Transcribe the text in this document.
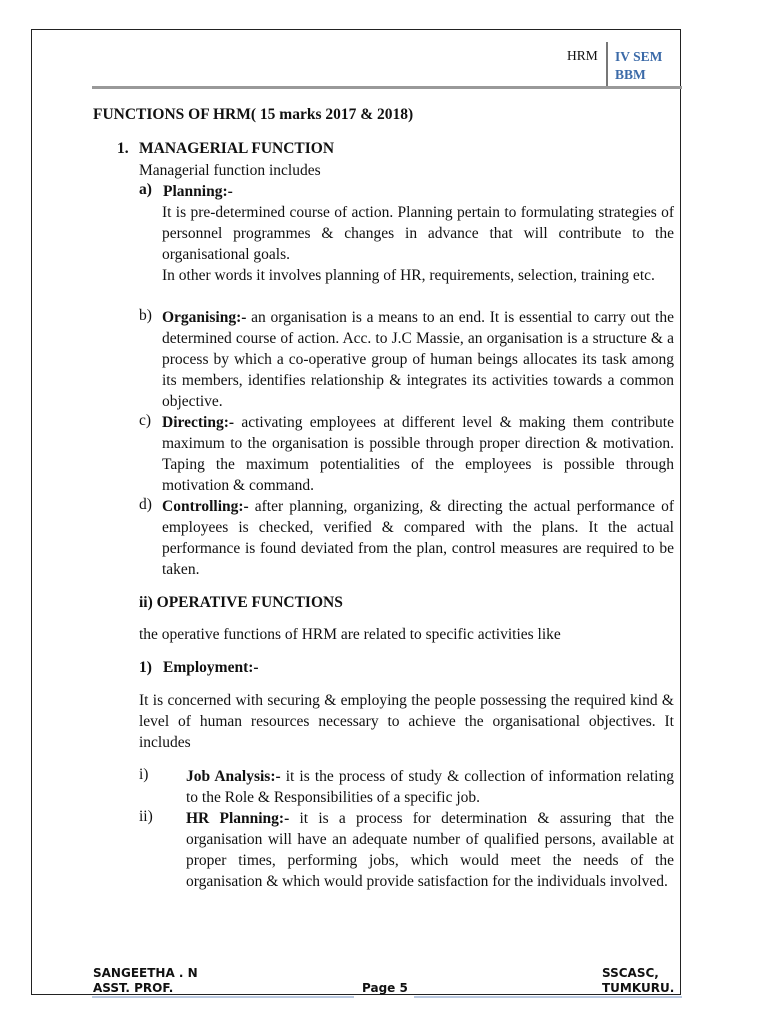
HRM IV SEM
BBM
FUNCTIONS OF HRM( 15 marks 2017 & 2018)
1. MANAGERIAL FUNCTION
Managerial function includes
a) Planning:-
It is pre-determined course of action. Planning pertain to formulating strategies of personnel programmes & changes in advance that will contribute to the organisational goals.
In other words it involves planning of HR, requirements, selection, training etc.
b) Organising:- an organisation is a means to an end. It is essential to carry out the determined course of action. Acc. to J.C Massie, an organisation is a structure & a process by which a co-operative group of human beings allocates its task among its members, identifies relationship & integrates its activities towards a common objective.
c) Directing:- activating employees at different level & making them contribute maximum to the organisation is possible through proper direction & motivation. Taping the maximum potentialities of the employees is possible through motivation & command.
d) Controlling:- after planning, organizing, & directing the actual performance of employees is checked, verified & compared with the plans. It the actual performance is found deviated from the plan, control measures are required to be taken.
ii) OPERATIVE FUNCTIONS
the operative functions of HRM are related to specific activities like
1) Employment:-
It is concerned with securing & employing the people possessing the required kind & level of human resources necessary to achieve the organisational objectives. It includes
i) Job Analysis:- it is the process of study & collection of information relating to the Role & Responsibilities of a specific job.
ii) HR Planning:- it is a process for determination & assuring that the organisation will have an adequate number of qualified persons, available at proper times, performing jobs, which would meet the needs of the organisation & which would provide satisfaction for the individuals involved.
SANGEETHA . N
ASST. PROF.	Page 5
SSCASC,
TUMKURU.
